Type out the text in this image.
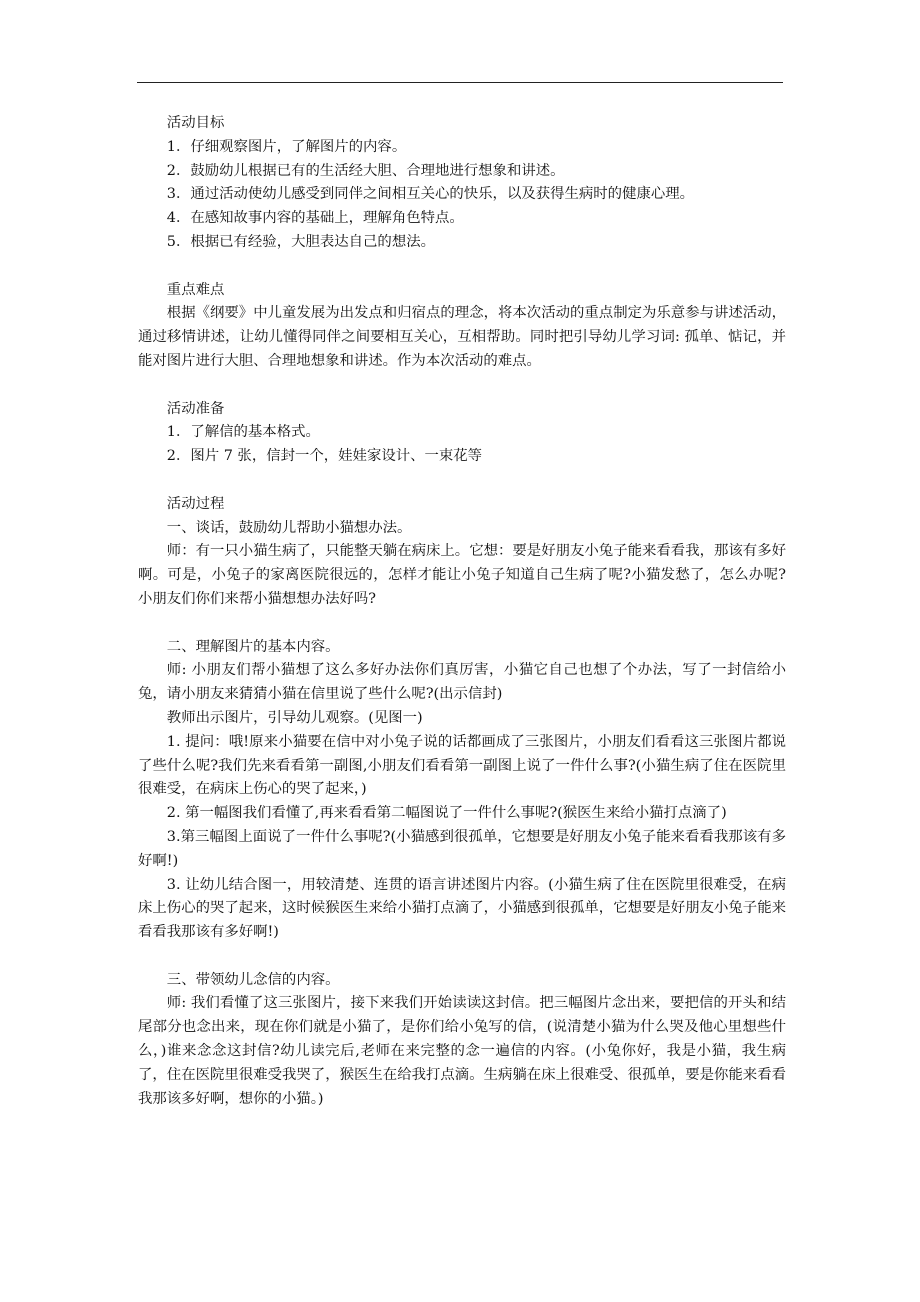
活动目标

1．仔细观察图片，了解图片的内容。

2．鼓励幼儿根据已有的生活经大胆、合理地进行想象和讲述。

3．通过活动使幼儿感受到同伴之间相互关心的快乐，以及获得生病时的健康心理。

4．在感知故事内容的基础上，理解角色特点。

5．根据已有经验，大胆表达自己的想法。

重点难点

根据《纲要》中儿童发展为出发点和归宿点的理念，将本次活动的重点制定为乐意参与讲述活动，通过移情讲述，让幼儿懂得同伴之间要相互关心，互相帮助。同时把引导幼儿学习词: 孤单、惦记，并能对图片进行大胆、合理地想象和讲述。作为本次活动的难点。

活动准备

1．了解信的基本格式。

2．图片 7 张，信封一个，娃娃家设计、一束花等

活动过程

一、谈话，鼓励幼儿帮助小猫想办法。

师：有一只小猫生病了，只能整天躺在病床上。它想：要是好朋友小兔子能来看看我，那该有多好啊。可是，小兔子的家离医院很远的，怎样才能让小兔子知道自己生病了呢?小猫发愁了，怎么办呢?小朋友们你们来帮小猫想想办法好吗?

二、理解图片的基本内容。

师: 小朋友们帮小猫想了这么多好办法你们真厉害，小猫它自己也想了个办法，写了一封信给小兔，请小朋友来猜猜小猫在信里说了些什么呢?(出示信封)

教师出示图片，引导幼儿观察。(见图一)

1. 提问：哦!原来小猫要在信中对小兔子说的话都画成了三张图片，小朋友们看看这三张图片都说了些什么呢?我们先来看看第一副图,小朋友们看看第一副图上说了一件什么事?(小猫生病了住在医院里很难受，在病床上伤心的哭了起来，)

2. 第一幅图我们看懂了,再来看看第二幅图说了一件什么事呢?(猴医生来给小猫打点滴了)

3.第三幅图上面说了一件什么事呢?(小猫感到很孤单，它想要是好朋友小兔子能来看看我那该有多好啊!)

3. 让幼儿结合图一，用较清楚、连贯的语言讲述图片内容。(小猫生病了住在医院里很难受，在病床上伤心的哭了起来，这时候猴医生来给小猫打点滴了，小猫感到很孤单，它想要是好朋友小兔子能来看看我那该有多好啊!)

三、带领幼儿念信的内容。

师: 我们看懂了这三张图片，接下来我们开始读读这封信。把三幅图片念出来，要把信的开头和结尾部分也念出来，现在你们就是小猫了，是你们给小兔写的信，(说清楚小猫为什么哭及他心里想些什么，)谁来念念这封信?幼儿读完后,老师在来完整的念一遍信的内容。(小兔你好，我是小猫，我生病了，住在医院里很难受我哭了，猴医生在给我打点滴。生病躺在床上很难受、很孤单，要是你能来看看我那该多好啊，想你的小猫。)
